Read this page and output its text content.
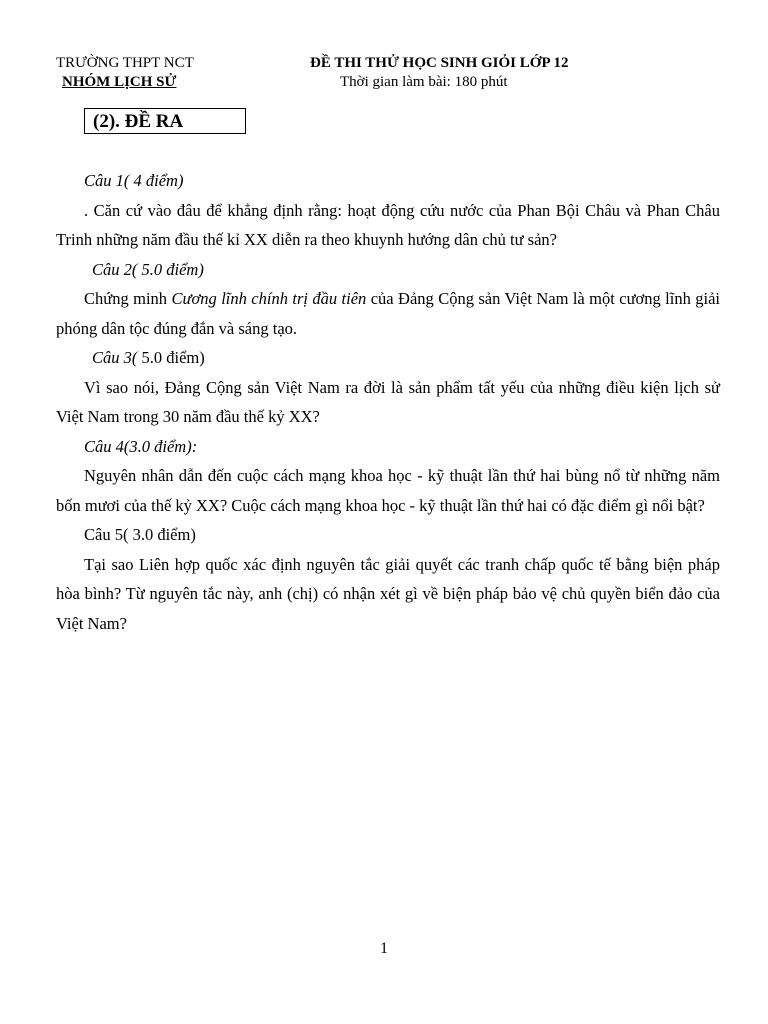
TRƯỜNG THPT NCT
NHÓM LỊCH SỬ
ĐỀ THI THỬ HỌC SINH GIỎI LỚP 12
Thời gian làm bài: 180 phút
(2). ĐỀ RA
Câu 1( 4 điểm)
. Căn cứ vào đâu để khẳng định rằng: hoạt động cứu nước của Phan Bội Châu và Phan Châu Trinh những năm đầu thế kỉ XX diễn ra theo khuynh hướng dân chủ tư sản?
Câu 2( 5.0 điểm)
Chứng minh Cương lĩnh chính trị đầu tiên của Đảng Cộng sản Việt Nam là một cương lĩnh giải phóng dân tộc đúng đắn và sáng tạo.
Câu 3( 5.0 điểm)
Vì sao nói, Đảng Cộng sản Việt Nam ra đời là sản phẩm tất yếu của những điều kiện lịch sử Việt Nam trong 30 năm đầu thế kỷ XX?
Câu 4(3.0 điểm):
Nguyên nhân dẫn đến cuộc cách mạng khoa học - kỹ thuật lần thứ hai bùng nổ từ những năm bốn mươi của thế kỷ XX? Cuộc cách mạng khoa học - kỹ thuật lần thứ hai có đặc điểm gì nổi bật?
Câu 5( 3.0 điểm)
Tại sao Liên hợp quốc xác định nguyên tắc giải quyết các tranh chấp quốc tế bằng biện pháp hòa bình? Từ nguyên tắc này, anh (chị) có nhận xét gì về biện pháp bảo vệ chủ quyền biển đảo của Việt Nam?
1
